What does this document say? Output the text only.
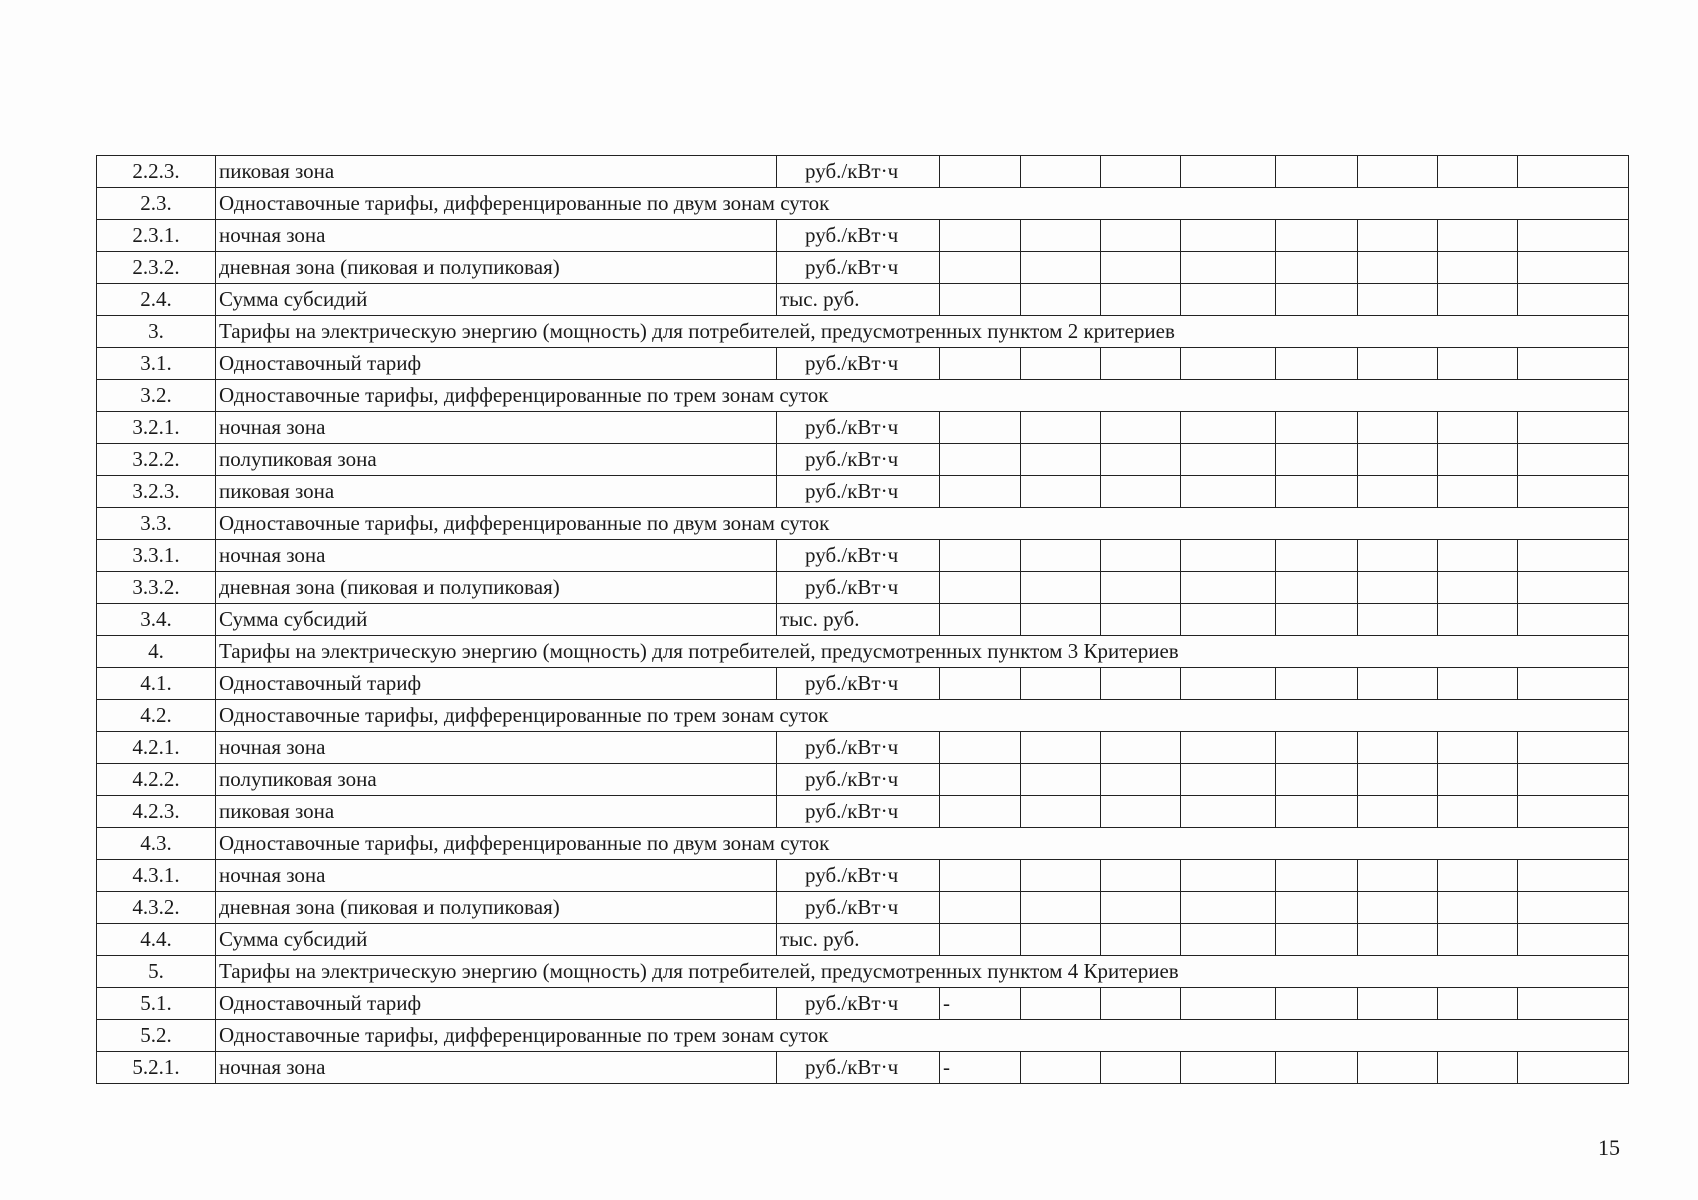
2.2.3.	пиковая зона	руб./кВт·ч								
2.3.	Одноставочные тарифы, дифференцированные по двум зонам суток									
2.3.1.	ночная зона	руб./кВт·ч								
2.3.2.	дневная зона (пиковая и полупиковая)	руб./кВт·ч								
2.4.	Сумма субсидий	тыс. руб.								
3.	Тарифы на электрическую энергию (мощность) для потребителей, предусмотренных пунктом 2 критериев									
3.1.	Одноставочный тариф	руб./кВт·ч								
3.2.	Одноставочные тарифы, дифференцированные по трем зонам суток									
3.2.1.	ночная зона	руб./кВт·ч								
3.2.2.	полупиковая зона	руб./кВт·ч								
3.2.3.	пиковая зона	руб./кВт·ч								
3.3.	Одноставочные тарифы, дифференцированные по двум зонам суток									
3.3.1.	ночная зона	руб./кВт·ч								
3.3.2.	дневная зона (пиковая и полупиковая)	руб./кВт·ч								
3.4.	Сумма субсидий	тыс. руб.								
4.	Тарифы на электрическую энергию (мощность) для потребителей, предусмотренных пунктом 3 Критериев									
4.1.	Одноставочный тариф	руб./кВт·ч								
4.2.	Одноставочные тарифы, дифференцированные по трем зонам суток									
4.2.1.	ночная зона	руб./кВт·ч								
4.2.2.	полупиковая зона	руб./кВт·ч								
4.2.3.	пиковая зона	руб./кВт·ч								
4.3.	Одноставочные тарифы, дифференцированные по двум зонам суток									
4.3.1.	ночная зона	руб./кВт·ч								
4.3.2.	дневная зона (пиковая и полупиковая)	руб./кВт·ч								
4.4.	Сумма субсидий	тыс. руб.								
5.	Тарифы на электрическую энергию (мощность) для потребителей, предусмотренных пунктом 4 Критериев									
5.1.	Одноставочный тариф	руб./кВт·ч	-							
5.2.	Одноставочные тарифы, дифференцированные по трем зонам суток									
5.2.1.	ночная зона	руб./кВт·ч	-							
15
